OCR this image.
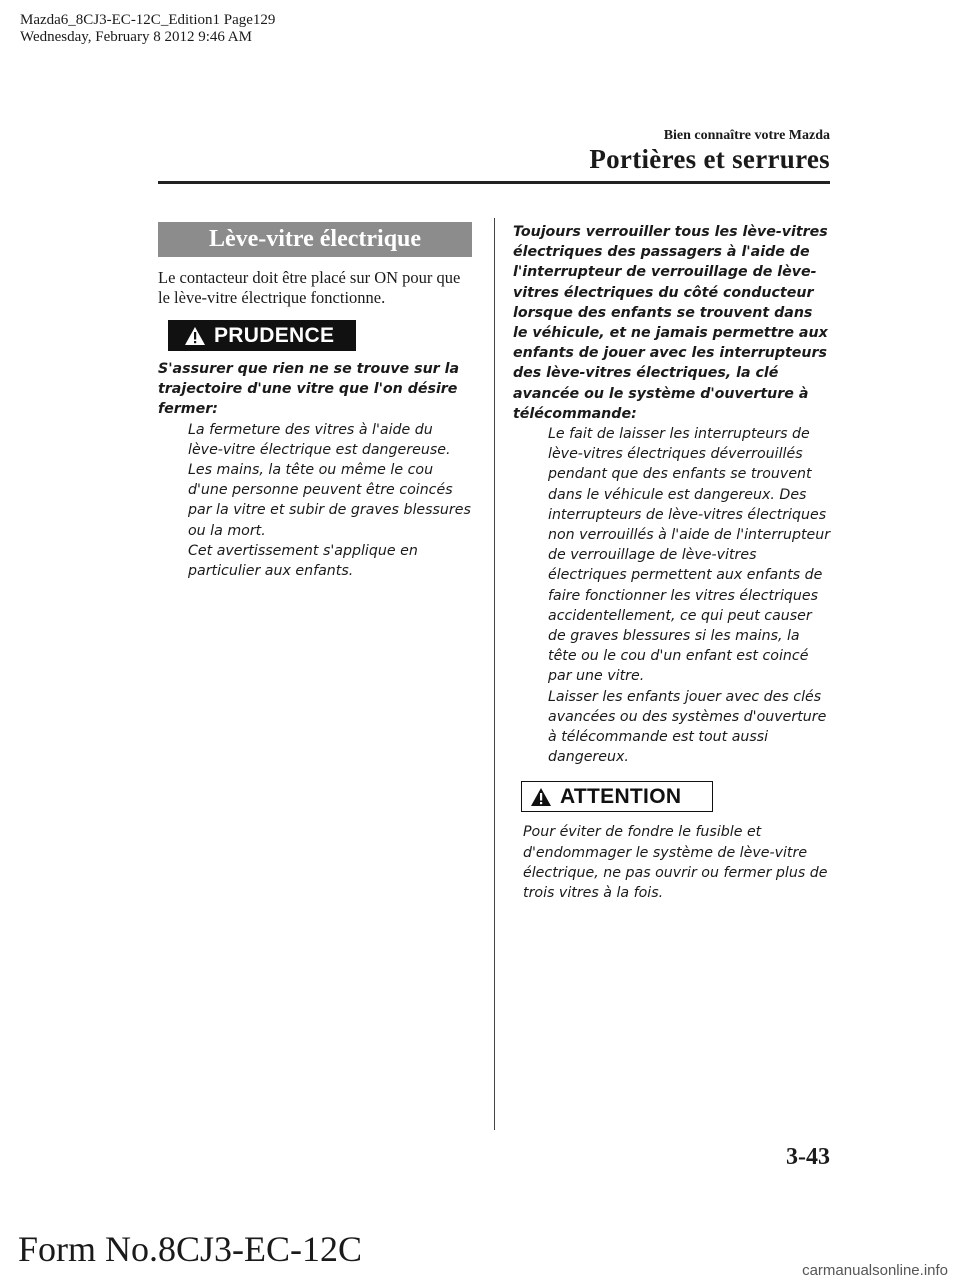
Mazda6_8CJ3-EC-12C_Edition1 Page129
Wednesday, February 8 2012 9:46 AM
Bien connaître votre Mazda
Portières et serrures
Lève-vitre électrique

Le contacteur doit être placé sur ON pour que le lève-vitre électrique fonctionne.

PRUDENCE

S'assurer que rien ne se trouve sur la trajectoire d'une vitre que l'on désire fermer:

La fermeture des vitres à l'aide du lève-vitre électrique est dangereuse. Les mains, la tête ou même le cou d'une personne peuvent être coincés par la vitre et subir de graves blessures ou la mort.

Cet avertissement s'applique en particulier aux enfants.

Toujours verrouiller tous les lève-vitres électriques des passagers à l'aide de l'interrupteur de verrouillage de lève-vitres électriques du côté conducteur lorsque des enfants se trouvent dans le véhicule, et ne jamais permettre aux enfants de jouer avec les interrupteurs des lève-vitres électriques, la clé avancée ou le système d'ouverture à télécommande:

Le fait de laisser les interrupteurs de lève-vitres électriques déverrouillés pendant que des enfants se trouvent dans le véhicule est dangereux. Des interrupteurs de lève-vitres électriques non verrouillés à l'aide de l'interrupteur de verrouillage de lève-vitres électriques permettent aux enfants de faire fonctionner les vitres électriques accidentellement, ce qui peut causer de graves blessures si les mains, la tête ou le cou d'un enfant est coincé par une vitre.

Laisser les enfants jouer avec des clés avancées ou des systèmes d'ouverture à télécommande est tout aussi dangereux.

ATTENTION

Pour éviter de fondre le fusible et d'endommager le système de lève-vitre électrique, ne pas ouvrir ou fermer plus de trois vitres à la fois.

3-43
Form No.8CJ3-EC-12C
carmanualsonline.info
